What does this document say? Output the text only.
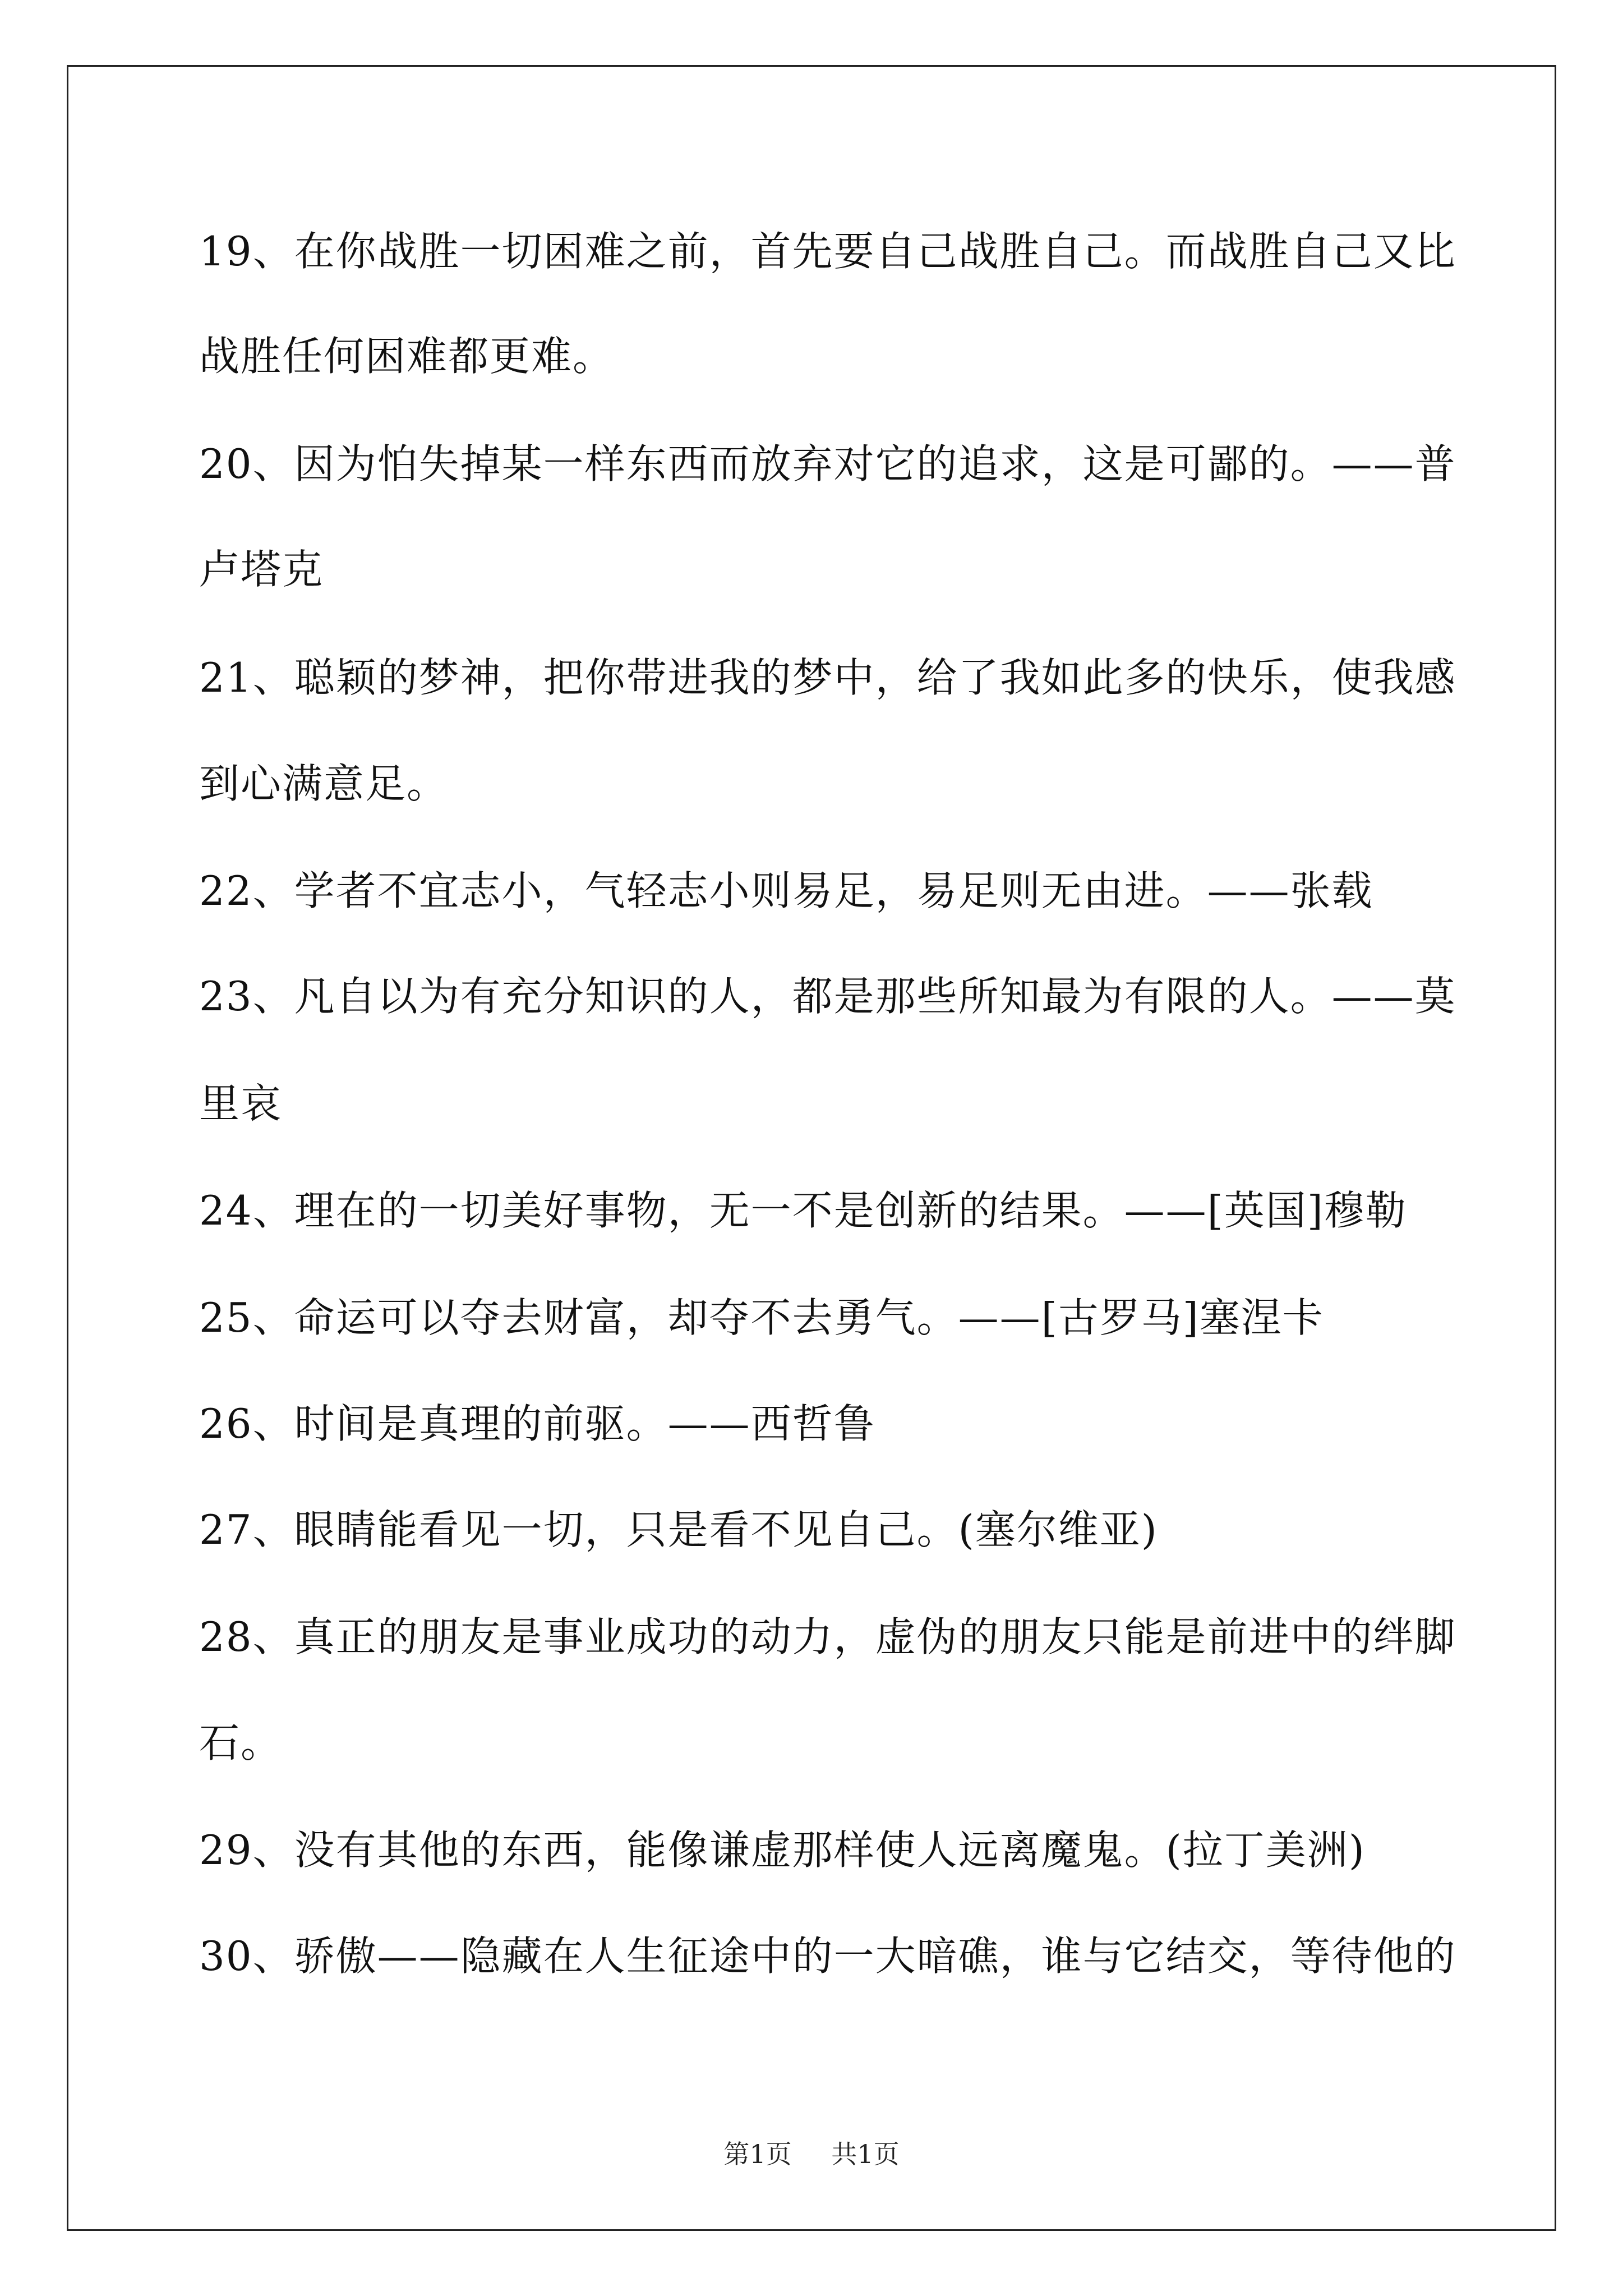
19、在你战胜一切困难之前，首先要自己战胜自己。而战胜自己又比
战胜任何困难都更难。
20、因为怕失掉某一样东西而放弃对它的追求，这是可鄙的。——普
卢塔克
21、聪颖的梦神，把你带进我的梦中，给了我如此多的快乐，使我感
到心满意足。
22、学者不宜志小，气轻志小则易足，易足则无由进。——张载
23、凡自以为有充分知识的人，都是那些所知最为有限的人。——莫
里哀
24、理在的一切美好事物，无一不是创新的结果。——[英国]穆勒
25、命运可以夺去财富，却夺不去勇气。——[古罗马]塞涅卡
26、时间是真理的前驱。——西哲鲁
27、眼睛能看见一切，只是看不见自己。(塞尔维亚)
28、真正的朋友是事业成功的动力，虚伪的朋友只能是前进中的绊脚
石。
29、没有其他的东西，能像谦虚那样使人远离魔鬼。(拉丁美洲)
30、骄傲——隐藏在人生征途中的一大暗礁，谁与它结交，等待他的
第1页 共1页
